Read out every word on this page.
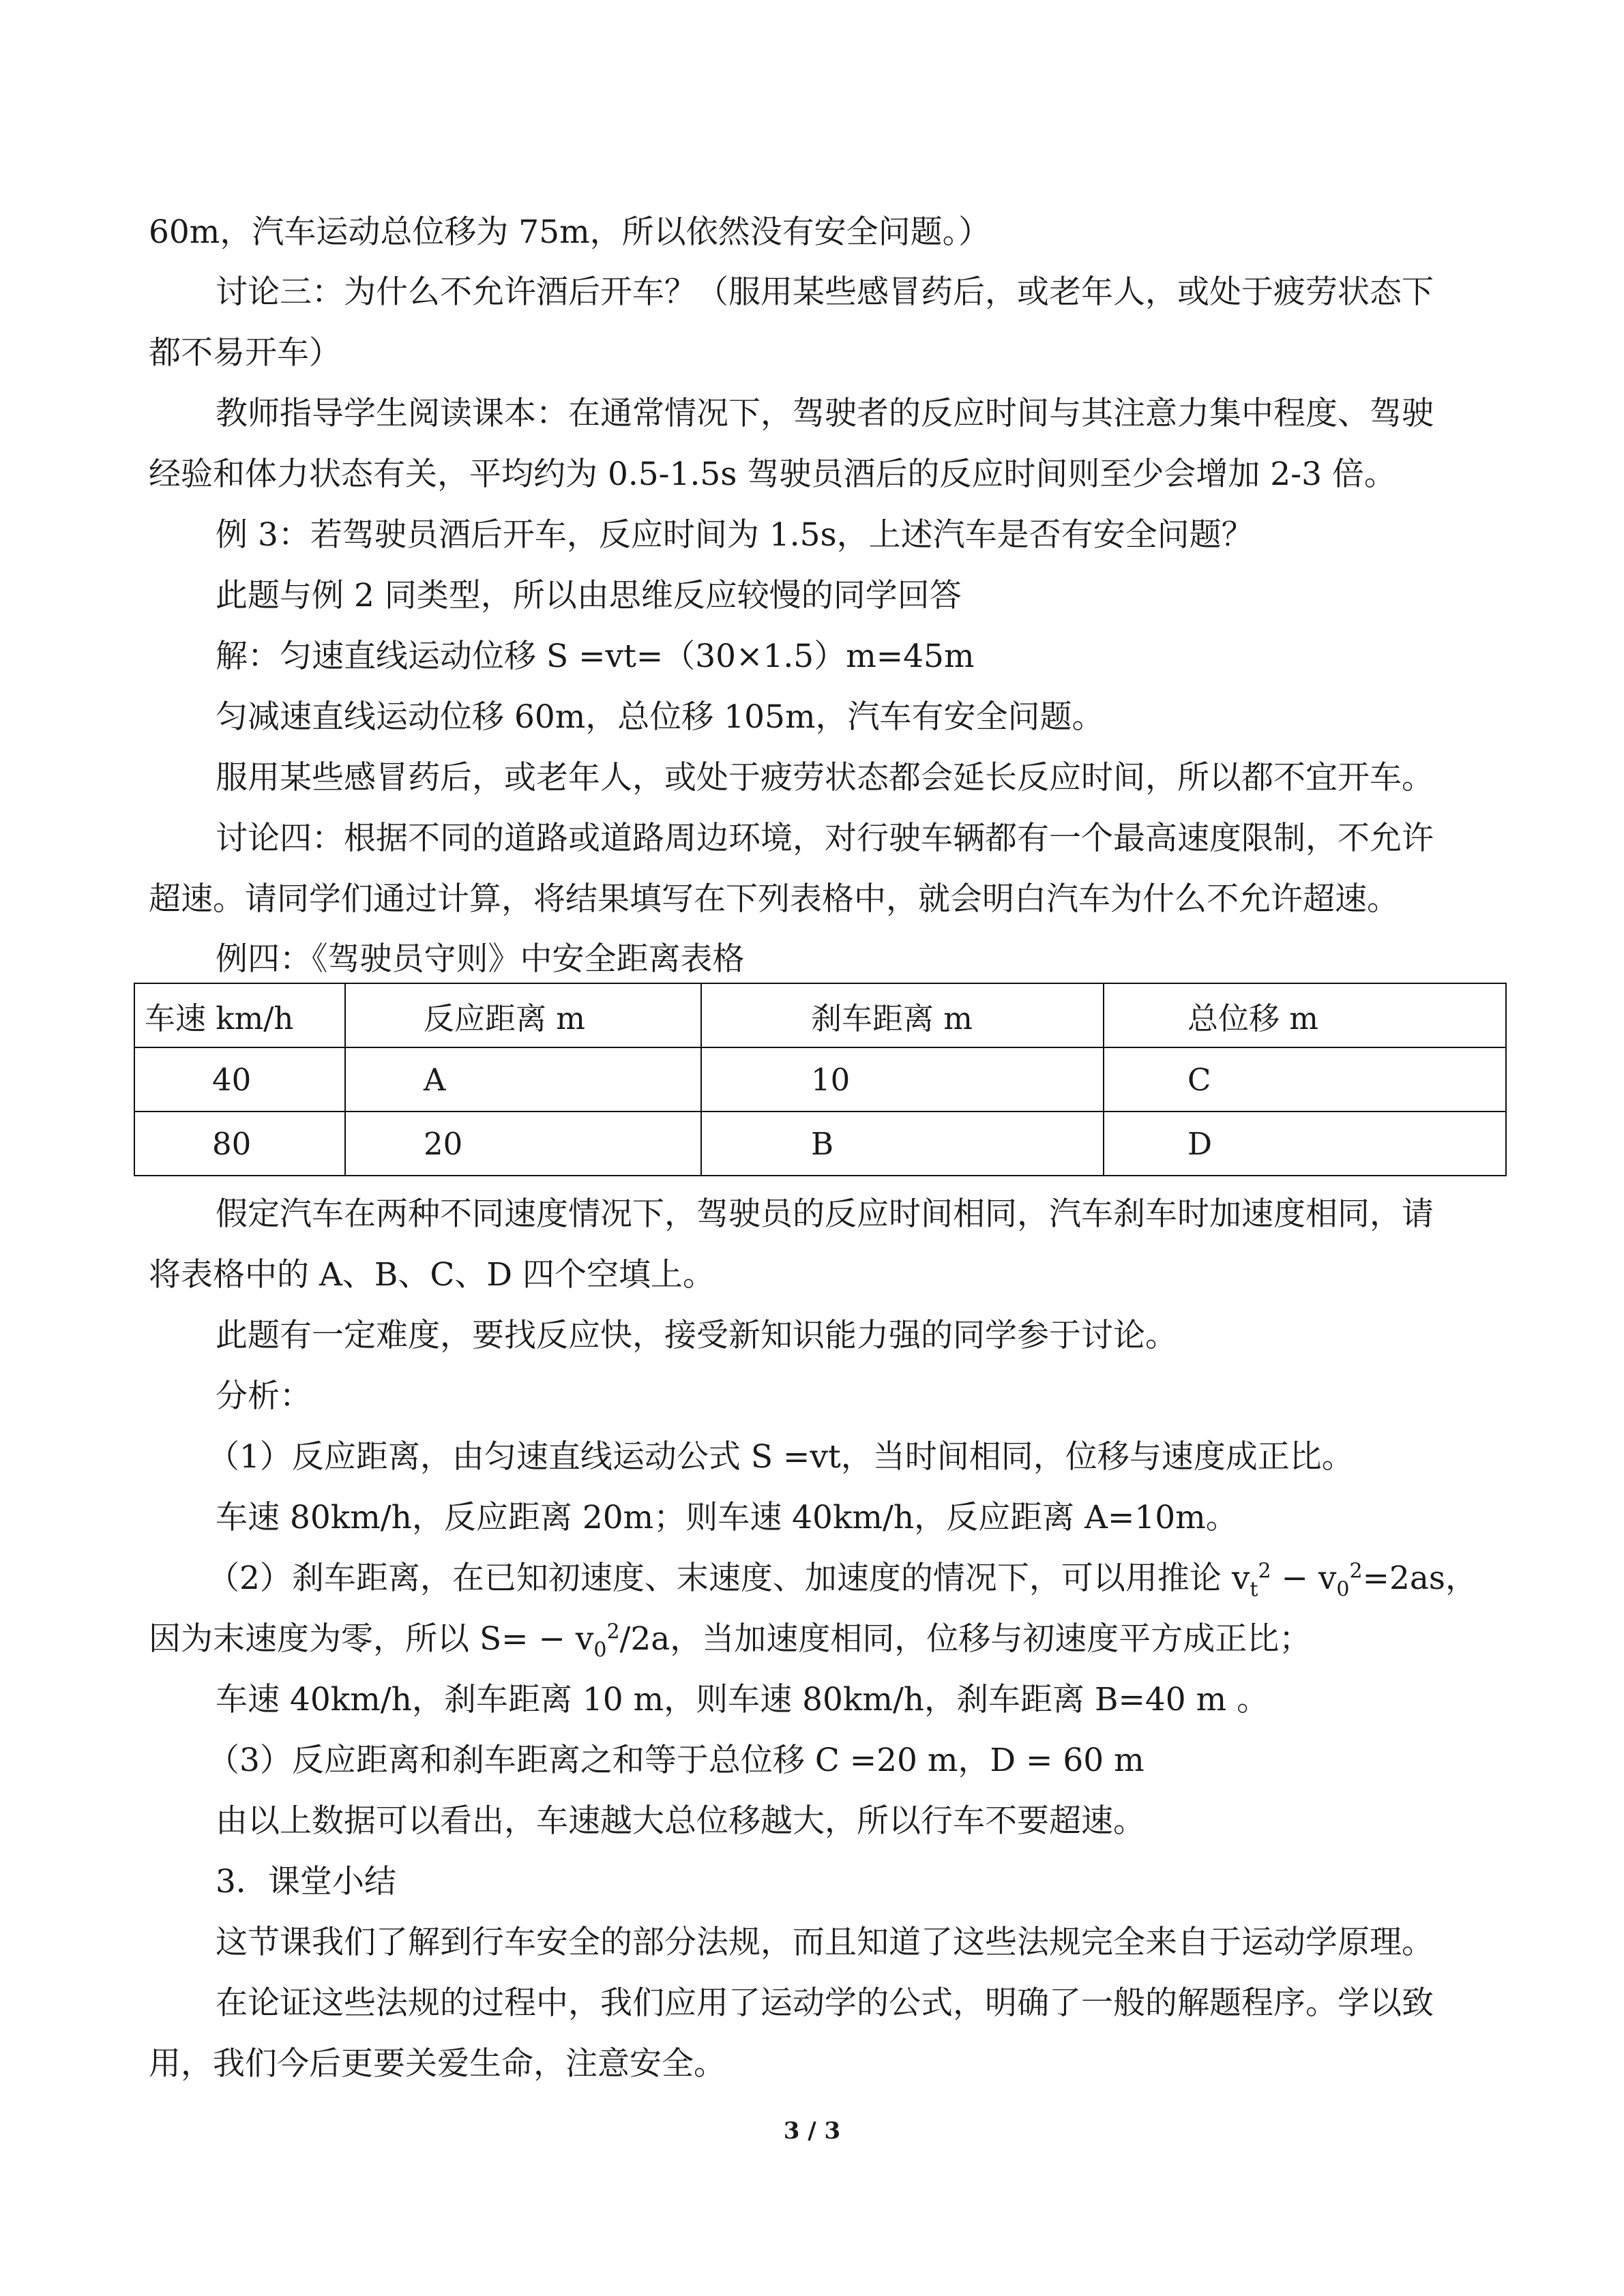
60m，汽车运动总位移为 75m，所以依然没有安全问题。）
讨论三：为什么不允许酒后开车？（服用某些感冒药后，或老年人，或处于疲劳状态下
都不易开车）
教师指导学生阅读课本：在通常情况下，驾驶者的反应时间与其注意力集中程度、驾驶
经验和体力状态有关，平均约为 0.5-1.5s 驾驶员酒后的反应时间则至少会增加 2-3 倍。
例 3：若驾驶员酒后开车，反应时间为 1.5s，上述汽车是否有安全问题？
此题与例 2 同类型，所以由思维反应较慢的同学回答
解：匀速直线运动位移 S =vt=（30×1.5）m=45m
匀减速直线运动位移 60m，总位移 105m，汽车有安全问题。
服用某些感冒药后，或老年人，或处于疲劳状态都会延长反应时间，所以都不宜开车。
讨论四：根据不同的道路或道路周边环境，对行驶车辆都有一个最高速度限制，不允许
超速。请同学们通过计算，将结果填写在下列表格中，就会明白汽车为什么不允许超速。
例四：《驾驶员守则》中安全距离表格
车速 km/h	反应距离 m	刹车距离 m	总位移 m
40	A	10	C
80	20	B	D
假定汽车在两种不同速度情况下，驾驶员的反应时间相同，汽车刹车时加速度相同，请
将表格中的 A、B、C、D 四个空填上。
此题有一定难度，要找反应快，接受新知识能力强的同学参于讨论。
分析：
（1）反应距离，由匀速直线运动公式 S =vt，当时间相同，位移与速度成正比。
车速 80km/h，反应距离 20m；则车速 40km/h，反应距离 A=10m。
（2）刹车距离，在已知初速度、末速度、加速度的情况下，可以用推论 $v_t^2 - v_0^2=2as$，
因为末速度为零，所以 $S= - v_0^2/2a$，当加速度相同，位移与初速度平方成正比；
车速 40km/h，刹车距离 10 m，则车速 80km/h，刹车距离 B=40 m 。
（3）反应距离和刹车距离之和等于总位移 C =20 m，D = 60 m
由以上数据可以看出，车速越大总位移越大，所以行车不要超速。
3．课堂小结
这节课我们了解到行车安全的部分法规，而且知道了这些法规完全来自于运动学原理。
在论证这些法规的过程中，我们应用了运动学的公式，明确了一般的解题程序。学以致
用，我们今后更要关爱生命，注意安全。
3 / 3
